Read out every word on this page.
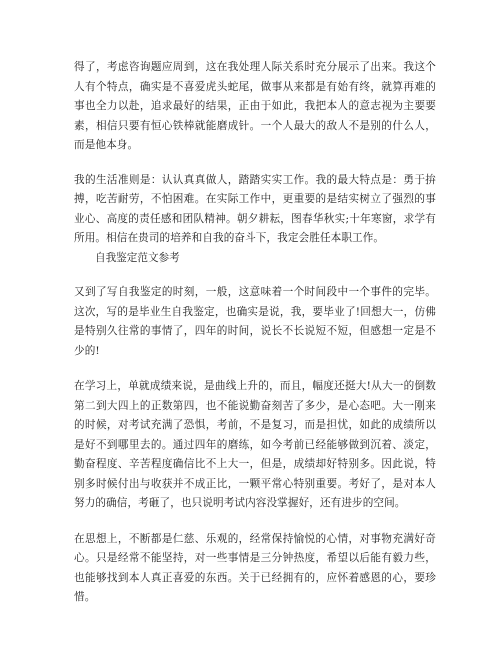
得了，考虑咨询题应周到，这在我处理人际关系时充分展示了出来。我这个人有个特点，确实是不喜爱虎头蛇尾，做事从来都是有始有终，就算再难的事也全力以赴，追求最好的结果，正由于如此，我把本人的意志视为主要要素，相信只要有恒心铁棒就能磨成针。一个人最大的敌人不是别的什么人，而是他本身。

我的生活准则是：认认真真做人，踏踏实实工作。我的最大特点是：勇于拚搏，吃苦耐劳，不怕困难。在实际工作中，更重要的是结实树立了强烈的事业心、高度的责任感和团队精神。朝夕耕耘，图春华秋实;十年寒窗，求学有所用。相信在贵司的培养和自我的奋斗下，我定会胜任本职工作。

自我鉴定范文参考

又到了写自我鉴定的时刻，一般，这意味着一个时间段中一个事件的完毕。这次，写的是毕业生自我鉴定，也确实是说，我，要毕业了!回想大一，仿佛是特别久往常的事情了，四年的时间，说长不长说短不短，但感想一定是不少的!

在学习上，单就成绩来说，是曲线上升的，而且，幅度还挺大!从大一的倒数第二到大四上的正数第四，也不能说勤奋刻苦了多少，是心态吧。大一刚来的时候，对考试充满了恐惧，考前，不是复习，而是担忧，如此的成绩所以是好不到哪里去的。通过四年的磨练，如今考前已经能够做到沉着、淡定，勤奋程度、辛苦程度确信比不上大一，但是，成绩却好特别多。因此说，特别多时候付出与收获并不成正比，一颗平常心特别重要。考好了，是对本人努力的确信，考砸了，也只说明考试内容没掌握好，还有进步的空间。

在思想上，不断都是仁慈、乐观的，经常保持愉悦的心情，对事物充满好奇心。只是经常不能坚持，对一些事情是三分钟热度，希望以后能有毅力些，也能够找到本人真正喜爱的东西。关于已经拥有的，应怀着感恩的心，要珍惜。
